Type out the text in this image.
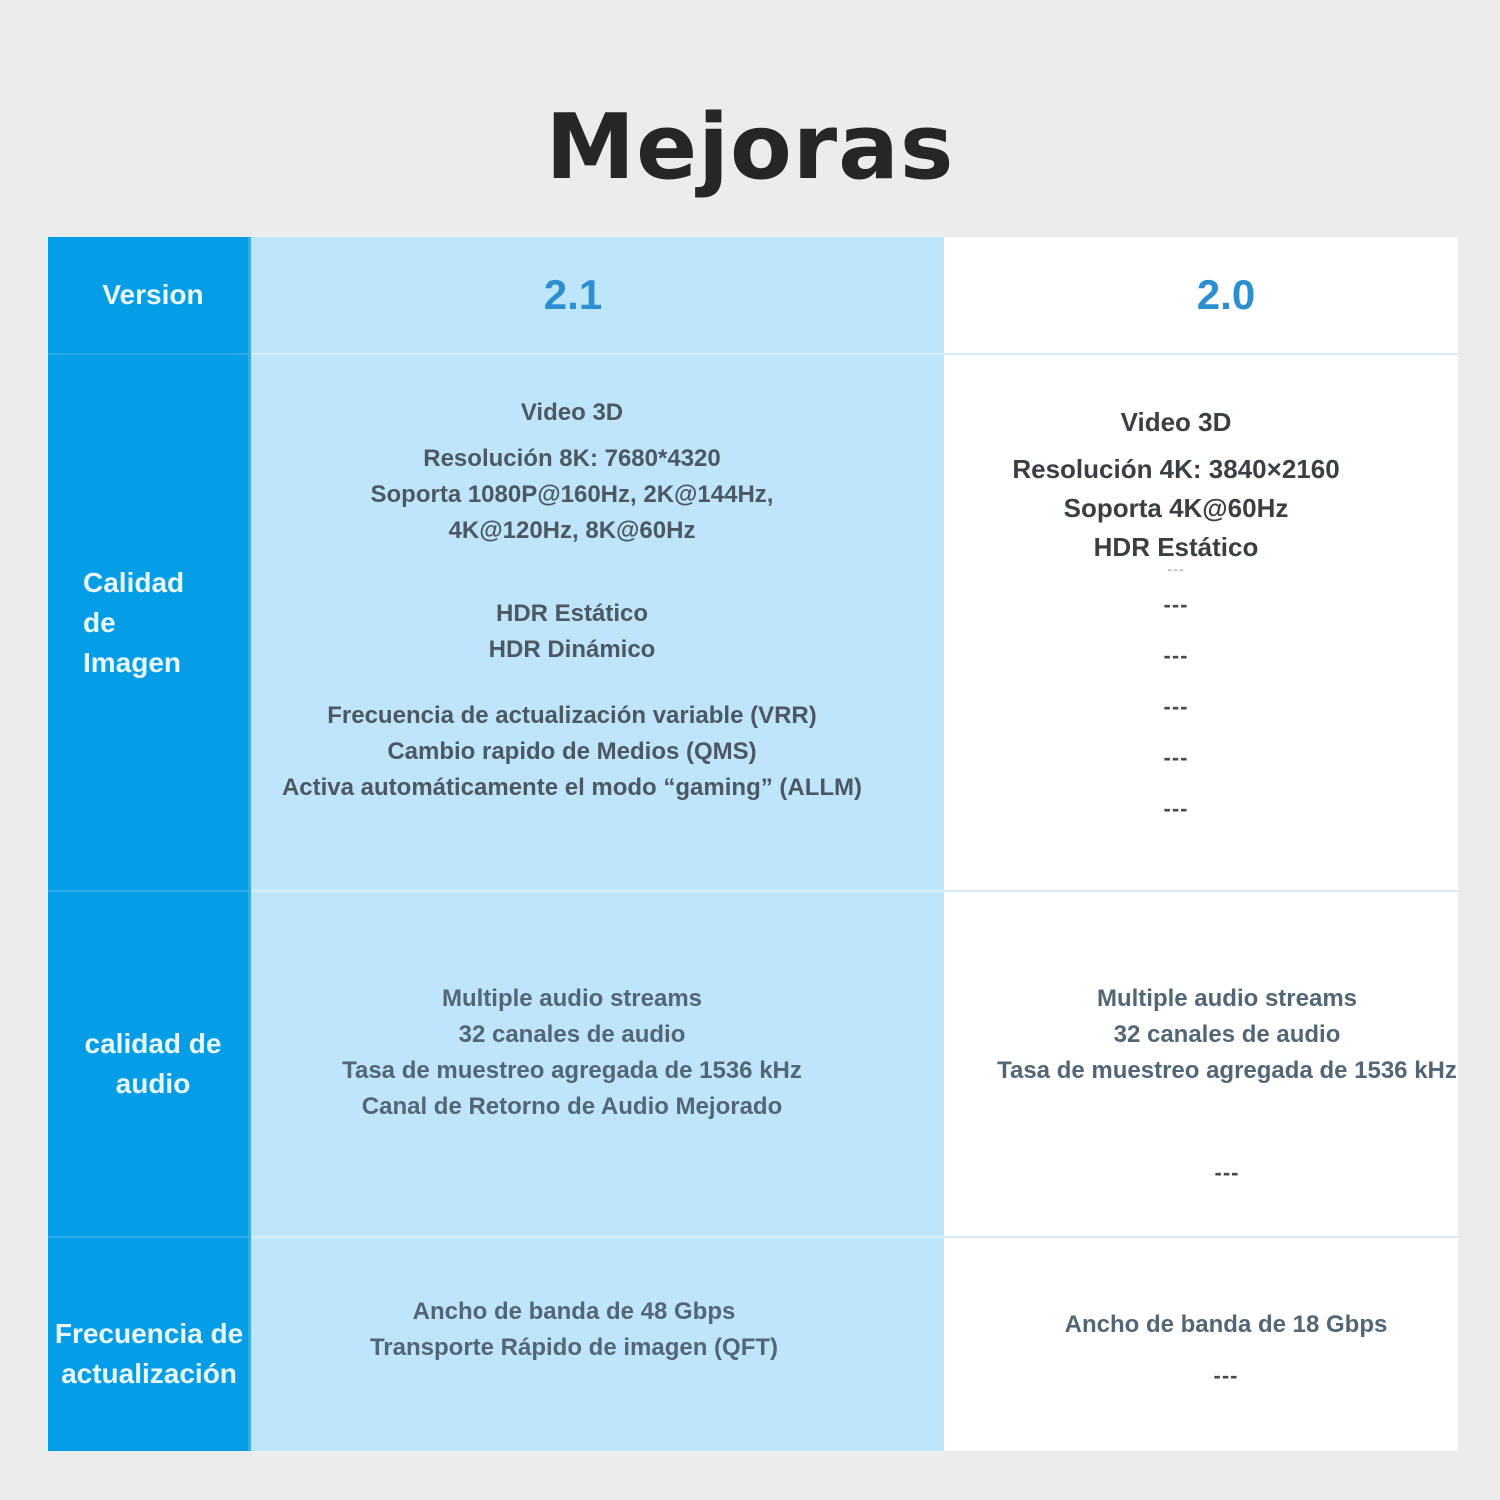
Mejoras
Version	2.1	2.0
Calidad
de
Imagen
Video 3D
Resolución 8K: 7680*4320
Soporta 1080P@160Hz, 2K@144Hz,
4K@120Hz, 8K@60Hz
HDR Estático
HDR Dinámico
Frecuencia de actualización variable (VRR)
Cambio rapido de Medios (QMS)
Activa automáticamente el modo “gaming” (ALLM)
Video 3D
Resolución 4K: 3840×2160
Soporta 4K@60Hz
HDR Estático
---
---
---
---
---
---
calidad de
audio
Multiple audio streams
32 canales de audio
Tasa de muestreo agregada de 1536 kHz
Canal de Retorno de Audio Mejorado
Multiple audio streams
32 canales de audio
Tasa de muestreo agregada de 1536 kHz
---
Frecuencia de
actualización
Ancho de banda de 48 Gbps
Transporte Rápido de imagen (QFT)
Ancho de banda de 18 Gbps
---
